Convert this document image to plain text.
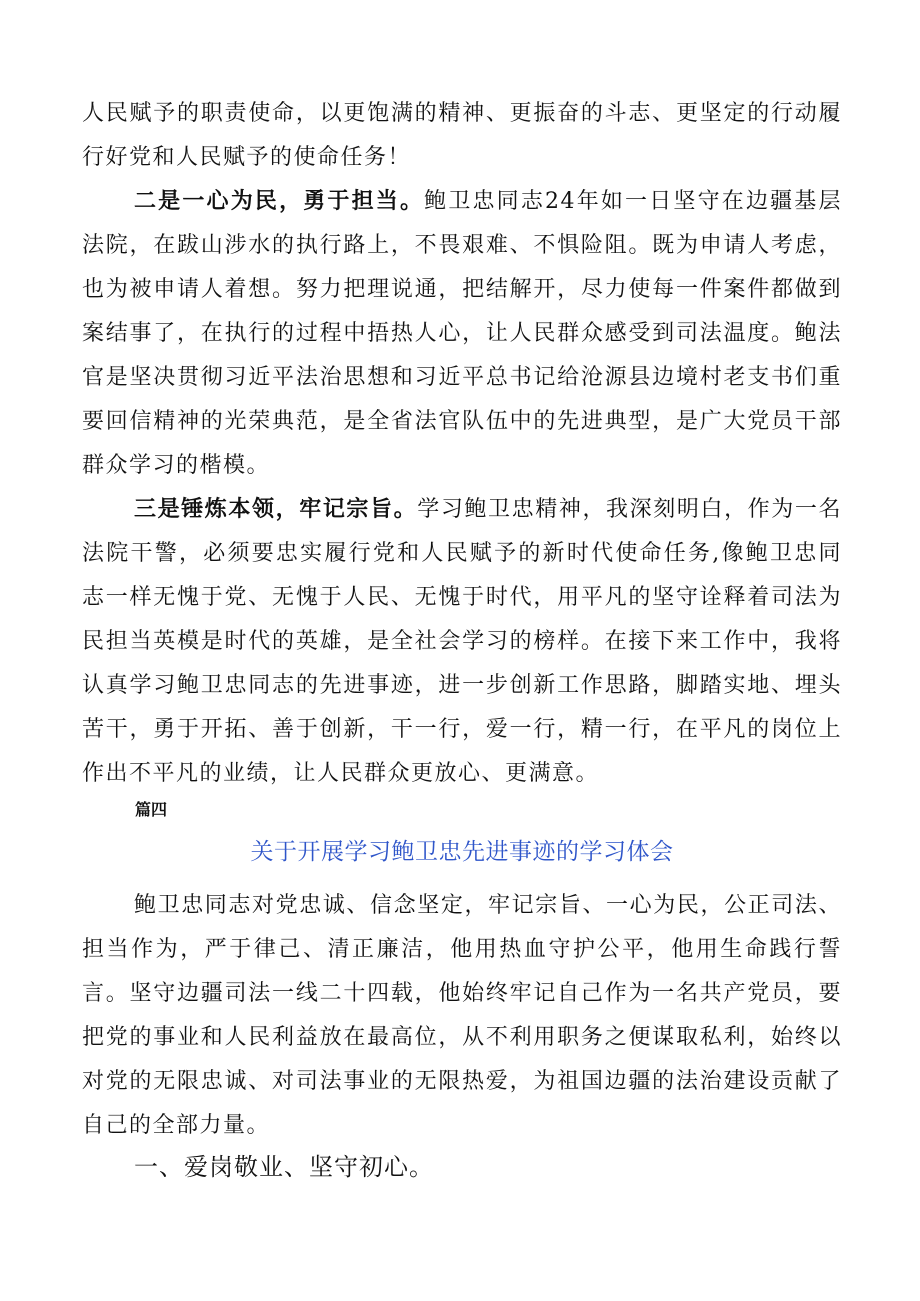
人民赋予的职责使命，以更饱满的精神、更振奋的斗志、更坚定的行动履行好党和人民赋予的使命任务！

二是一心为民，勇于担当。鲍卫忠同志24年如一日坚守在边疆基层法院，在跋山涉水的执行路上，不畏艰难、不惧险阻。既为申请人考虑，也为被申请人着想。努力把理说通，把结解开，尽力使每一件案件都做到案结事了，在执行的过程中捂热人心，让人民群众感受到司法温度。鲍法官是坚决贯彻习近平法治思想和习近平总书记给沧源县边境村老支书们重要回信精神的光荣典范，是全省法官队伍中的先进典型，是广大党员干部群众学习的楷模。

三是锤炼本领，牢记宗旨。学习鲍卫忠精神，我深刻明白，作为一名法院干警，必须要忠实履行党和人民赋予的新时代使命任务,像鲍卫忠同志一样无愧于党、无愧于人民、无愧于时代，用平凡的坚守诠释着司法为民担当英模是时代的英雄，是全社会学习的榜样。在接下来工作中，我将认真学习鲍卫忠同志的先进事迹，进一步创新工作思路，脚踏实地、埋头苦干，勇于开拓、善于创新，干一行，爱一行，精一行，在平凡的岗位上作出不平凡的业绩，让人民群众更放心、更满意。

篇四
关于开展学习鲍卫忠先进事迹的学习体会

鲍卫忠同志对党忠诚、信念坚定，牢记宗旨、一心为民，公正司法、担当作为，严于律己、清正廉洁，他用热血守护公平，他用生命践行誓言。坚守边疆司法一线二十四载，他始终牢记自己作为一名共产党员，要把党的事业和人民利益放在最高位，从不利用职务之便谋取私利，始终以对党的无限忠诚、对司法事业的无限热爱，为祖国边疆的法治建设贡献了自己的全部力量。

一、爱岗敬业、坚守初心。
